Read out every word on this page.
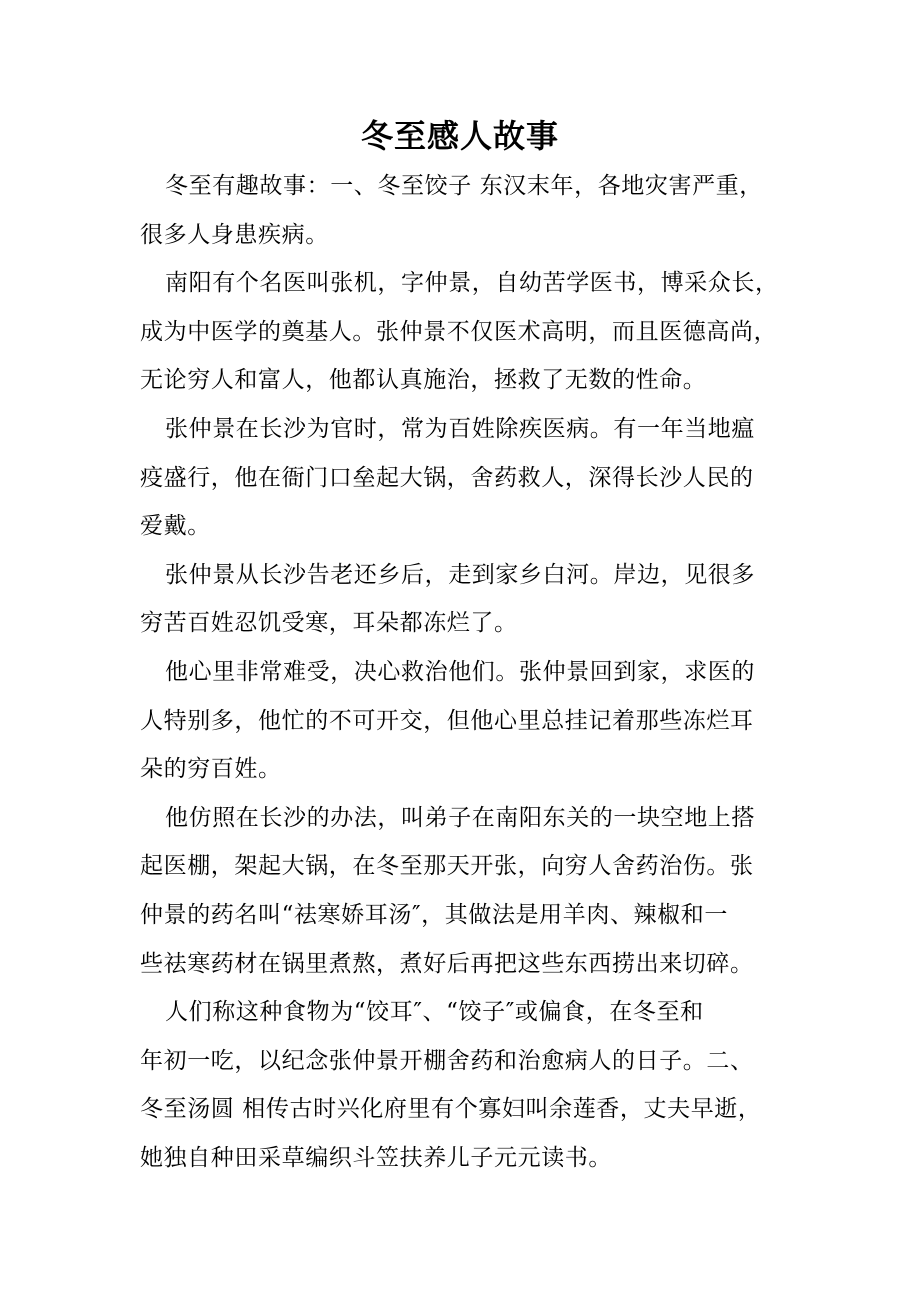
冬至感人故事
冬至有趣故事：一、冬至饺子 东汉末年，各地灾害严重，
很多人身患疾病。
南阳有个名医叫张机，字仲景，自幼苦学医书，博采众长，
成为中医学的奠基人。张仲景不仅医术高明，而且医德高尚，
无论穷人和富人，他都认真施治，拯救了无数的性命。
张仲景在长沙为官时，常为百姓除疾医病。有一年当地瘟
疫盛行，他在衙门口垒起大锅，舍药救人，深得长沙人民的
爱戴。
张仲景从长沙告老还乡后，走到家乡白河。岸边，见很多
穷苦百姓忍饥受寒，耳朵都冻烂了。
他心里非常难受，决心救治他们。张仲景回到家，求医的
人特别多，他忙的不可开交，但他心里总挂记着那些冻烂耳
朵的穷百姓。
他仿照在长沙的办法，叫弟子在南阳东关的一块空地上搭
起医棚，架起大锅，在冬至那天开张，向穷人舍药治伤。张
仲景的药名叫“祛寒娇耳汤″，其做法是用羊肉、辣椒和一
些祛寒药材在锅里煮熬，煮好后再把这些东西捞出来切碎。
人们称这种食物为“饺耳″、“饺子″或偏食，在冬至和
年初一吃，以纪念张仲景开棚舍药和治愈病人的日子。二、
冬至汤圆 相传古时兴化府里有个寡妇叫余莲香，丈夫早逝，
她独自种田采草编织斗笠扶养儿子元元读书。
